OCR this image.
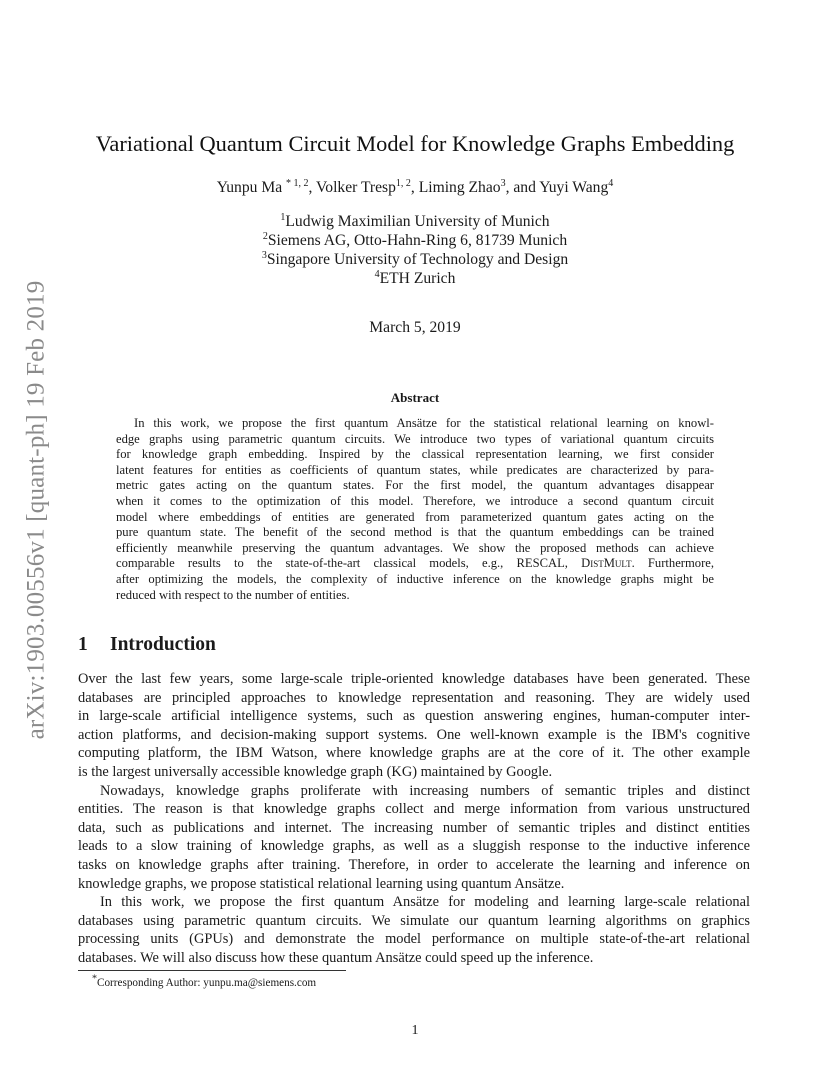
arXiv:1903.00556v1 [quant-ph] 19 Feb 2019
Variational Quantum Circuit Model for Knowledge Graphs Embedding
Yunpu Ma $^{* 1, 2}$, Volker Tresp$^{1, 2}$, Liming Zhao$^3$, and Yuyi Wang$^4$
$^1$Ludwig Maximilian University of Munich
$^2$Siemens AG, Otto-Hahn-Ring 6, 81739 Munich
$^3$Singapore University of Technology and Design
$^4$ETH Zurich
March 5, 2019
Abstract
In this work, we propose the first quantum Ansätze for the statistical relational learning on knowl-
edge graphs using parametric quantum circuits. We introduce two types of variational quantum circuits
for knowledge graph embedding. Inspired by the classical representation learning, we first consider
latent features for entities as coefficients of quantum states, while predicates are characterized by para-
metric gates acting on the quantum states. For the first model, the quantum advantages disappear
when it comes to the optimization of this model. Therefore, we introduce a second quantum circuit
model where embeddings of entities are generated from parameterized quantum gates acting on the
pure quantum state. The benefit of the second method is that the quantum embeddings can be trained
efficiently meanwhile preserving the quantum advantages. We show the proposed methods can achieve
comparable results to the state-of-the-art classical models, e.g., RESCAL, DistMult. Furthermore,
after optimizing the models, the complexity of inductive inference on the knowledge graphs might be
reduced with respect to the number of entities.
1 Introduction
Over the last few years, some large-scale triple-oriented knowledge databases have been generated. These
databases are principled approaches to knowledge representation and reasoning. They are widely used
in large-scale artificial intelligence systems, such as question answering engines, human-computer inter-
action platforms, and decision-making support systems. One well-known example is the IBM's cognitive
computing platform, the IBM Watson, where knowledge graphs are at the core of it. The other example
is the largest universally accessible knowledge graph (KG) maintained by Google.
Nowadays, knowledge graphs proliferate with increasing numbers of semantic triples and distinct
entities. The reason is that knowledge graphs collect and merge information from various unstructured
data, such as publications and internet. The increasing number of semantic triples and distinct entities
leads to a slow training of knowledge graphs, as well as a sluggish response to the inductive inference
tasks on knowledge graphs after training. Therefore, in order to accelerate the learning and inference on
knowledge graphs, we propose statistical relational learning using quantum Ansätze.
In this work, we propose the first quantum Ansätze for modeling and learning large-scale relational
databases using parametric quantum circuits. We simulate our quantum learning algorithms on graphics
processing units (GPUs) and demonstrate the model performance on multiple state-of-the-art relational
databases. We will also discuss how these quantum Ansätze could speed up the inference.
*Corresponding Author: yunpu.ma@siemens.com
1
